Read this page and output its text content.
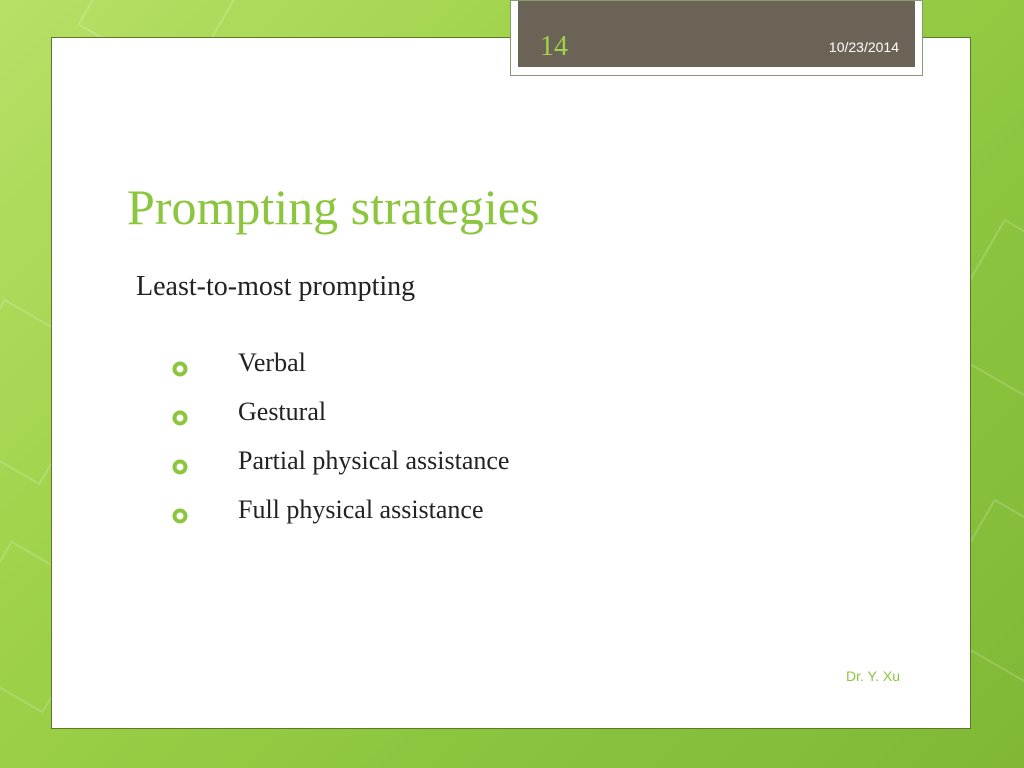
Prompting strategies
Least-to-most prompting
Verbal
Gestural
Partial physical assistance
Full physical assistance
Dr. Y. Xu
14	10/23/2014
